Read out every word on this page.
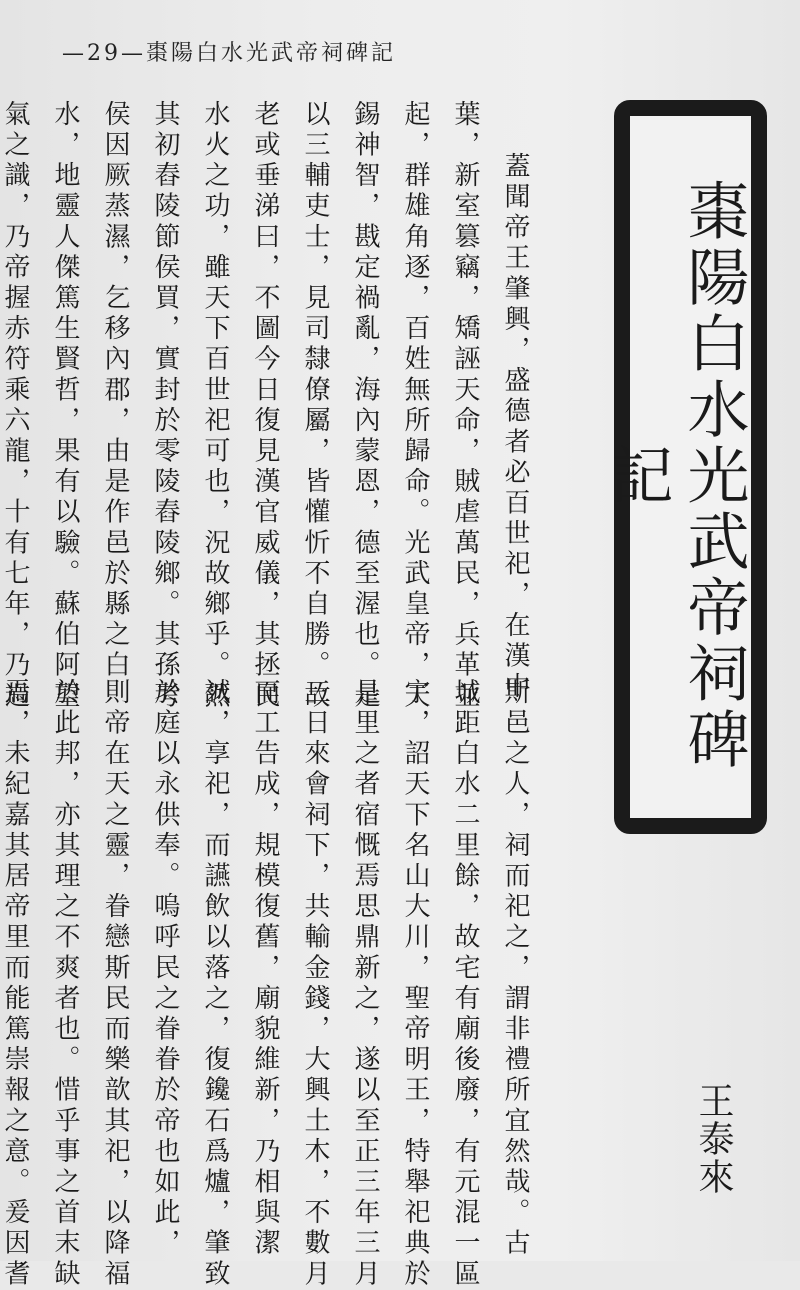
—29—棗陽白水光武帝祠碑記
棗陽白水光武帝祠碑記
王泰來
蓋聞帝王肇興，盛德者必百世祀，在漢中
葉，新室篡竊，矯誣天命，賊虐萬民，兵革並
起，群雄角逐，百姓無所歸命。光武皇帝，天
錫神智，戡定禍亂，海內蒙恩，德至渥也。是
以三輔吏士，見司隸僚屬，皆懽忻不自勝。故
老或垂涕曰，不圖今日復見漢官威儀，其拯民
水火之功，雖天下百世祀可也，況故鄉乎。然
其初舂陵節侯買，實封於零陵舂陵鄉。其孫考
侯因厥蒸濕，乞移內郡，由是作邑於縣之白
水，地靈人傑篤生賢哲，果有以驗。蘇伯阿望
氣之識，乃帝握赤符乘六龍，十有七年，乃過
斯邑之人，祠而祀之，謂非禮所宜然哉。古
城距白水二里餘，故宅有廟後廢，有元混一區
宇，詔天下名山大川，聖帝明王，特舉祀典於
是里之者宿慨焉思鼎新之，遂以至正三年三月
三日來會祠下，共輸金錢，大興土木，不數月
而工告成，規模復舊，廟貌維新，乃相與潔
誠，享祀，而讌飲以落之，復鑱石爲爐，肇致
於庭以永供奉。嗚呼民之眷眷於帝也如此，
則帝在天之靈，眷戀斯民而樂歆其祀，以降福
於此邦，亦其理之不爽者也。惜乎事之首末缺
焉，未紀嘉其居帝里而能篤崇報之意。爰因耆
